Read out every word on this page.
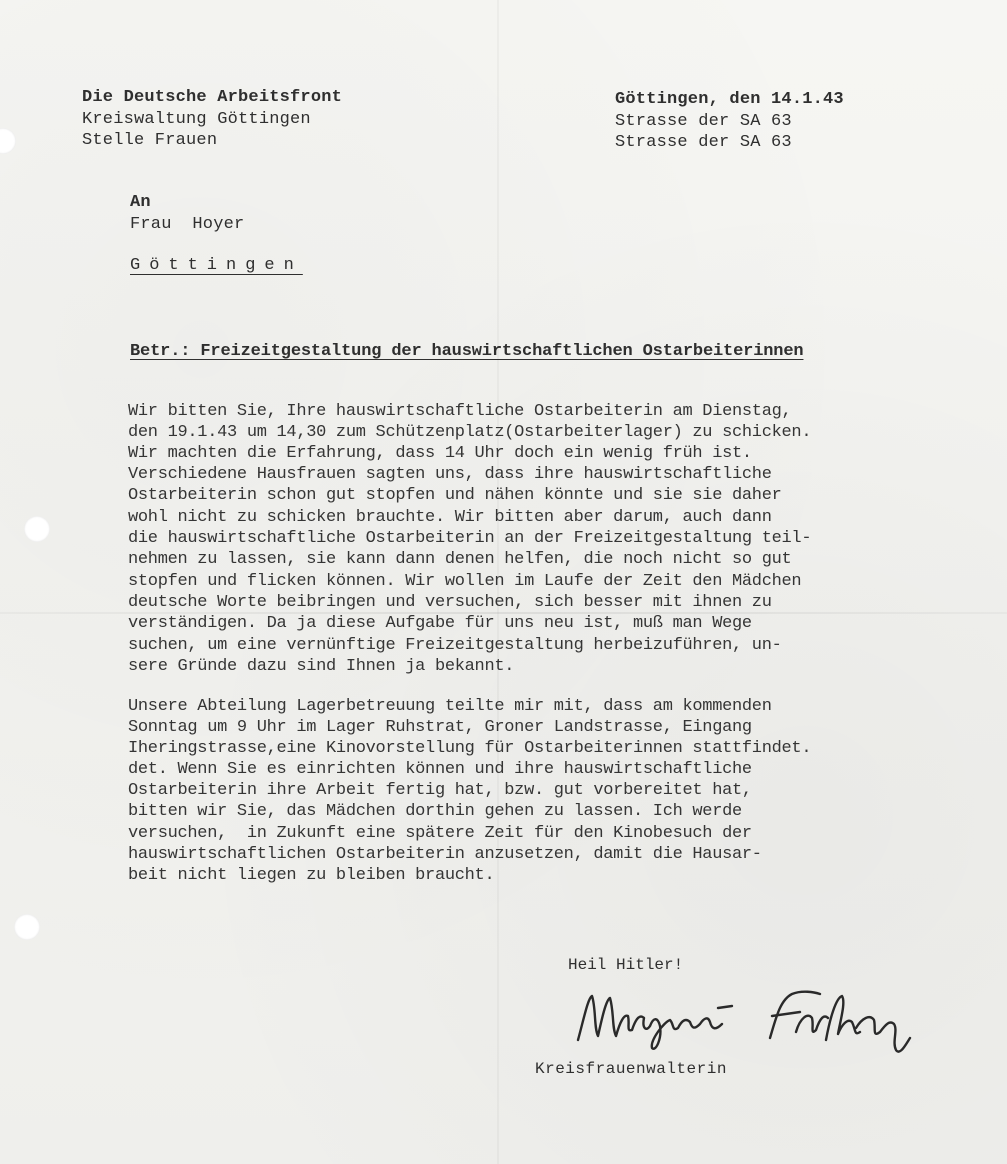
Die Deutsche Arbeitsfront
Kreiswaltung Göttingen
Stelle Frauen
Göttingen, den 14.1.43
Strasse der SA 63
Strasse der SA 63
An
Frau  Hoyer
Göttingen
Betr.: Freizeitgestaltung der hauswirtschaftlichen Ostarbeiterinnen
Wir bitten Sie, Ihre hauswirtschaftliche Ostarbeiterin am Dienstag,
den 19.1.43 um 14,30 zum Schützenplatz(Ostarbeiterlager) zu schicken.
Wir machten die Erfahrung, dass 14 Uhr doch ein wenig früh ist.
Verschiedene Hausfrauen sagten uns, dass ihre hauswirtschaftliche
Ostarbeiterin schon gut stopfen und nähen könnte und sie sie daher
wohl nicht zu schicken brauchte. Wir bitten aber darum, auch dann
die hauswirtschaftliche Ostarbeiterin an der Freizeitgestaltung teil-
nehmen zu lassen, sie kann dann denen helfen, die noch nicht so gut
stopfen und flicken können. Wir wollen im Laufe der Zeit den Mädchen
deutsche Worte beibringen und versuchen, sich besser mit ihnen zu
verständigen. Da ja diese Aufgabe für uns neu ist, muß man Wege
suchen, um eine vernünftige Freizeitgestaltung herbeizuführen, un-
sere Gründe dazu sind Ihnen ja bekannt.
Unsere Abteilung Lagerbetreuung teilte mir mit, dass am kommenden
Sonntag um 9 Uhr im Lager Ruhstrat, Groner Landstrasse, Eingang
Iheringstrasse,eine Kinovorstellung für Ostarbeiterinnen stattfindet.
det. Wenn Sie es einrichten können und ihre hauswirtschaftliche
Ostarbeiterin ihre Arbeit fertig hat, bzw. gut vorbereitet hat,
bitten wir Sie, das Mädchen dorthin gehen zu lassen. Ich werde
versuchen,  in Zukunft eine spätere Zeit für den Kinobesuch der
hauswirtschaftlichen Ostarbeiterin anzusetzen, damit die Hausar-
beit nicht liegen zu bleiben braucht.
Heil Hitler!
Kreisfrauenwalterin
